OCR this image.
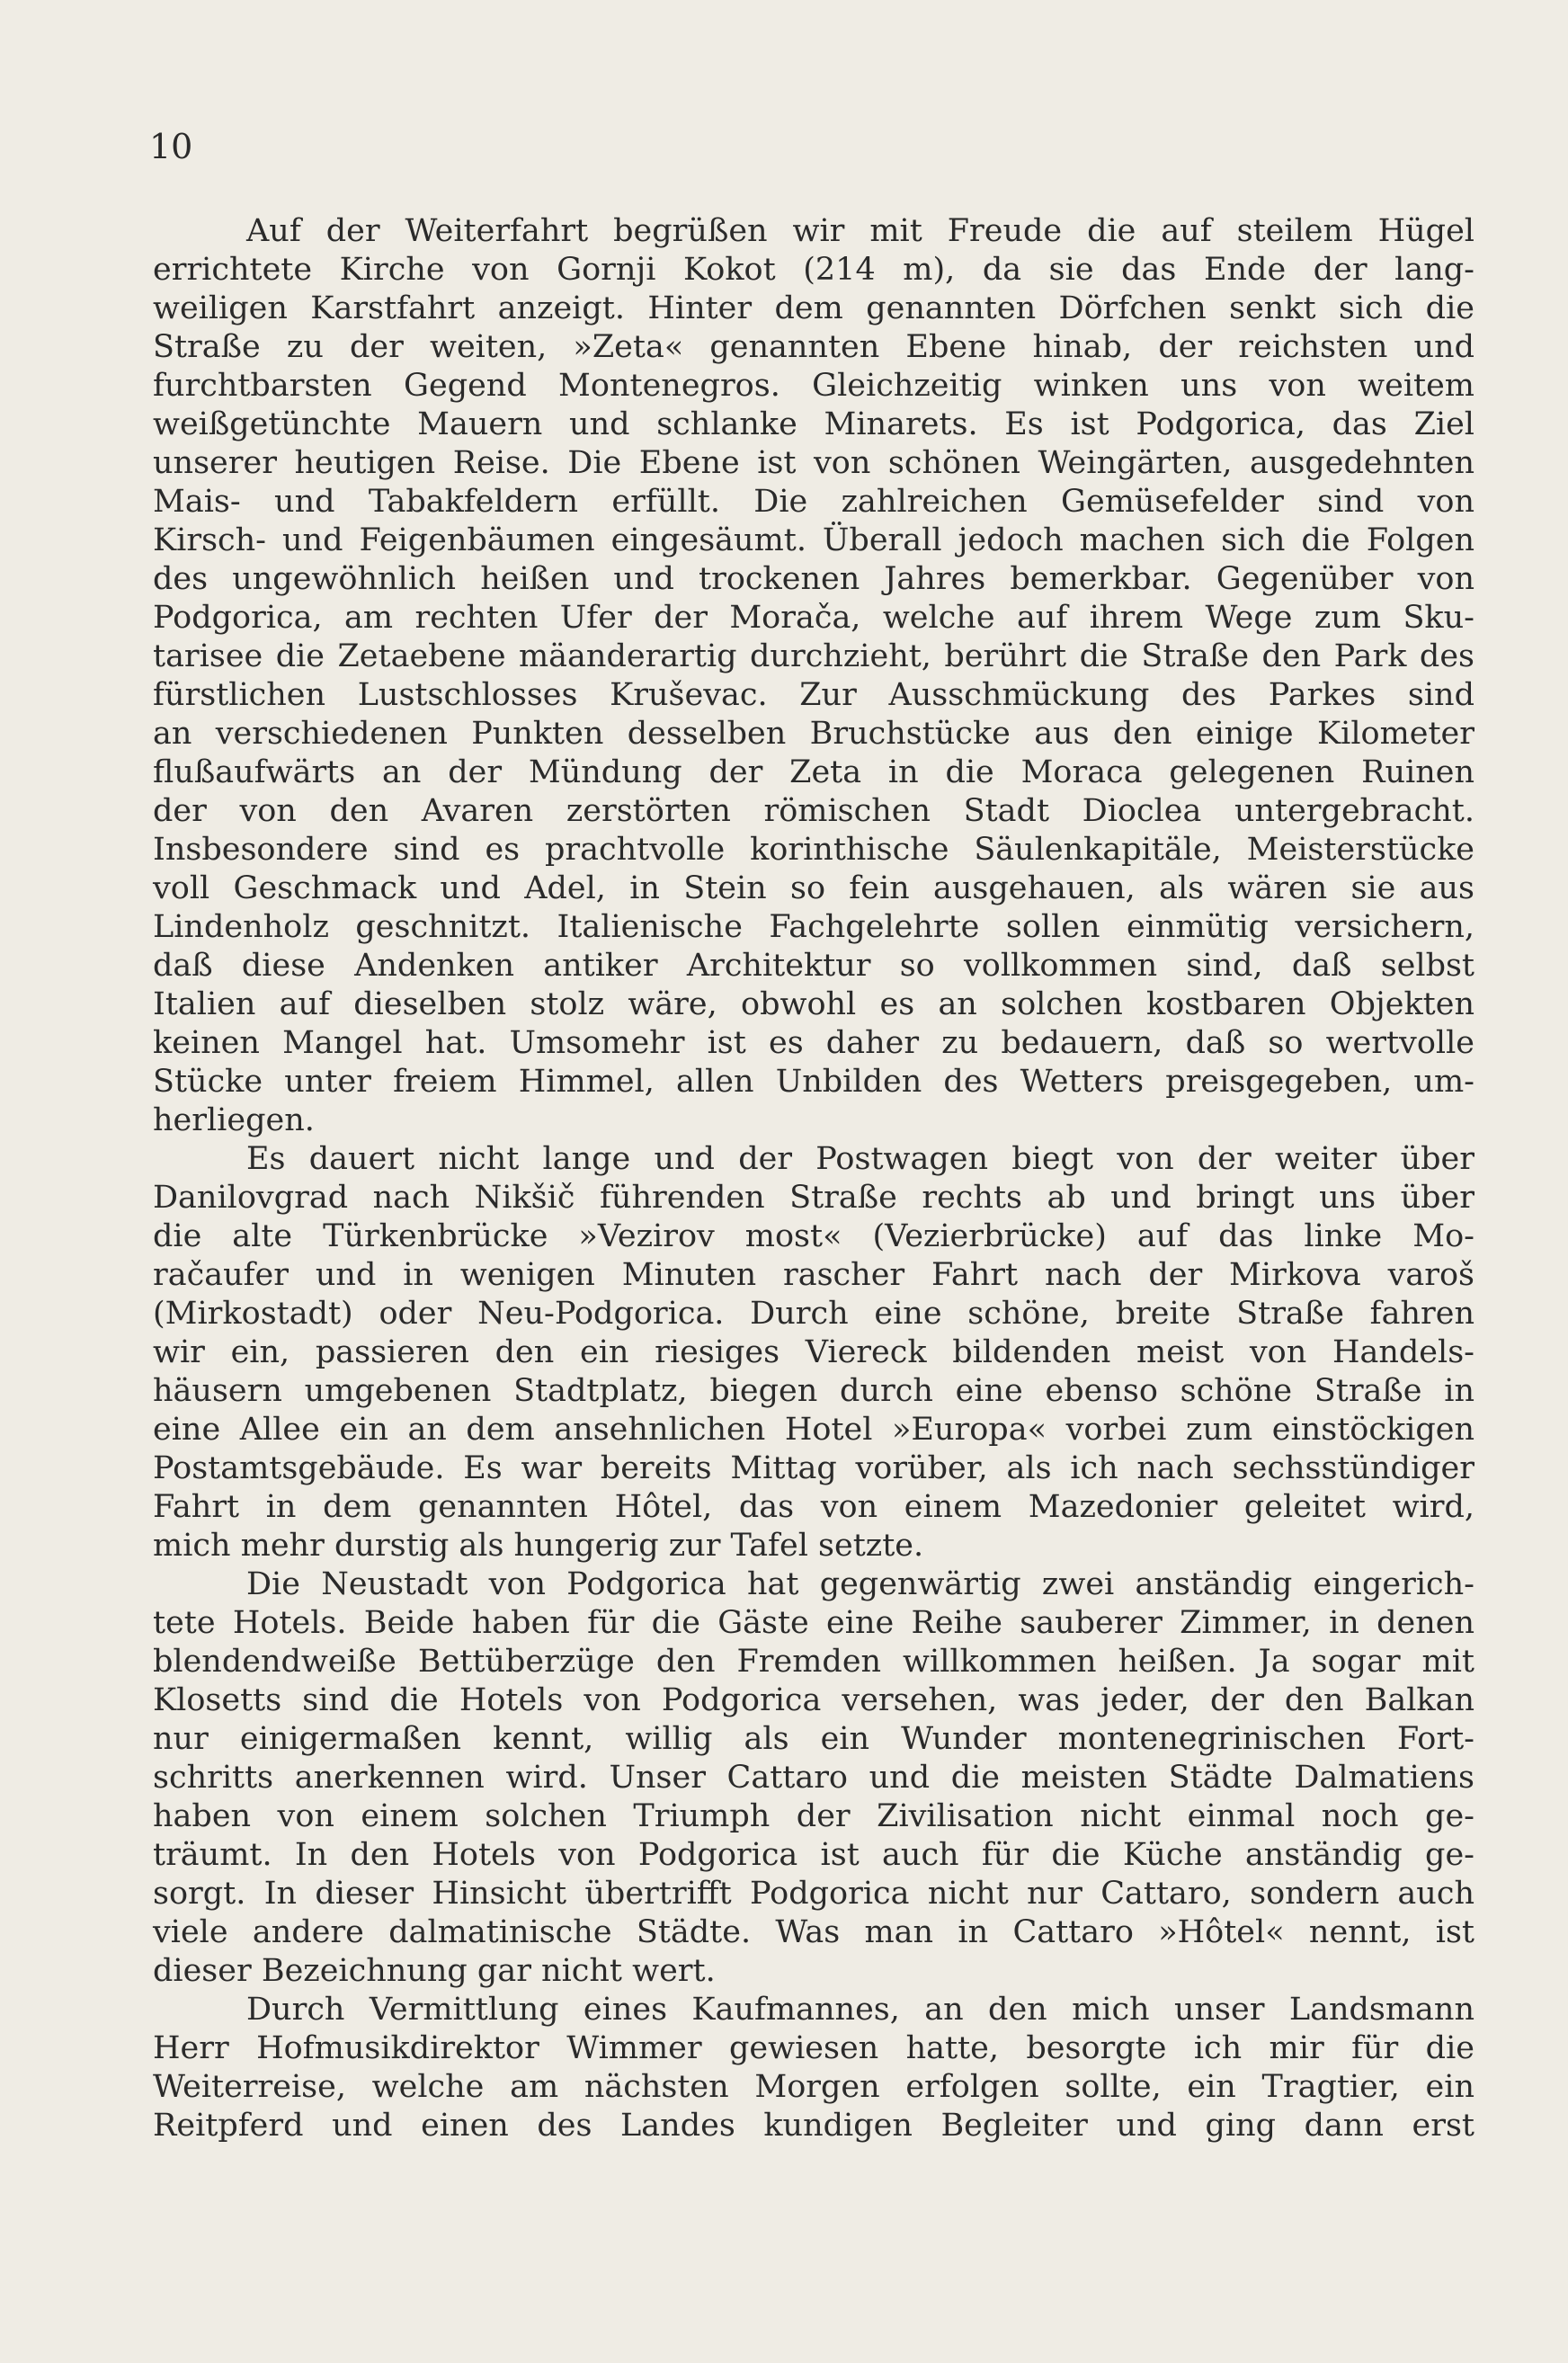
10
Auf der Weiterfahrt begrüßen wir mit Freude die auf steilem Hügel
errichtete Kirche von Gornji Kokot (214 m), da sie das Ende der lang-
weiligen Karstfahrt anzeigt. Hinter dem genannten Dörfchen senkt sich die
Straße zu der weiten, »Zeta« genannten Ebene hinab, der reichsten und
furchtbarsten Gegend Montenegros. Gleichzeitig winken uns von weitem
weißgetünchte Mauern und schlanke Minarets. Es ist Podgorica, das Ziel
unserer heutigen Reise. Die Ebene ist von schönen Weingärten, ausgedehnten
Mais- und Tabakfeldern erfüllt. Die zahlreichen Gemüsefelder sind von
Kirsch- und Feigenbäumen eingesäumt. Überall jedoch machen sich die Folgen
des ungewöhnlich heißen und trockenen Jahres bemerkbar. Gegenüber von
Podgorica, am rechten Ufer der Morača, welche auf ihrem Wege zum Sku-
tarisee die Zetaebene mäanderartig durchzieht, berührt die Straße den Park des
fürstlichen Lustschlosses Kruševac. Zur Ausschmückung des Parkes sind
an verschiedenen Punkten desselben Bruchstücke aus den einige Kilometer
flußaufwärts an der Mündung der Zeta in die Moraca gelegenen Ruinen
der von den Avaren zerstörten römischen Stadt Dioclea untergebracht.
Insbesondere sind es prachtvolle korinthische Säulenkapitäle, Meisterstücke
voll Geschmack und Adel, in Stein so fein ausgehauen, als wären sie aus
Lindenholz geschnitzt. Italienische Fachgelehrte sollen einmütig versichern,
daß diese Andenken antiker Architektur so vollkommen sind, daß selbst
Italien auf dieselben stolz wäre, obwohl es an solchen kostbaren Objekten
keinen Mangel hat. Umsomehr ist es daher zu bedauern, daß so wertvolle
Stücke unter freiem Himmel, allen Unbilden des Wetters preisgegeben, um-
herliegen.
Es dauert nicht lange und der Postwagen biegt von der weiter über
Danilovgrad nach Nikšič führenden Straße rechts ab und bringt uns über
die alte Türkenbrücke »Vezirov most« (Vezierbrücke) auf das linke Mo-
račaufer und in wenigen Minuten rascher Fahrt nach der Mirkova varoš
(Mirkostadt) oder Neu-Podgorica. Durch eine schöne, breite Straße fahren
wir ein, passieren den ein riesiges Viereck bildenden meist von Handels-
häusern umgebenen Stadtplatz, biegen durch eine ebenso schöne Straße in
eine Allee ein an dem ansehnlichen Hotel »Europa« vorbei zum einstöckigen
Postamtsgebäude. Es war bereits Mittag vorüber, als ich nach sechsstündiger
Fahrt in dem genannten Hôtel, das von einem Mazedonier geleitet wird,
mich mehr durstig als hungerig zur Tafel setzte.
Die Neustadt von Podgorica hat gegenwärtig zwei anständig eingerich-
tete Hotels. Beide haben für die Gäste eine Reihe sauberer Zimmer, in denen
blendendweiße Bettüberzüge den Fremden willkommen heißen. Ja sogar mit
Klosetts sind die Hotels von Podgorica versehen, was jeder, der den Balkan
nur einigermaßen kennt, willig als ein Wunder montenegrinischen Fort-
schritts anerkennen wird. Unser Cattaro und die meisten Städte Dalmatiens
haben von einem solchen Triumph der Zivilisation nicht einmal noch ge-
träumt. In den Hotels von Podgorica ist auch für die Küche anständig ge-
sorgt. In dieser Hinsicht übertrifft Podgorica nicht nur Cattaro, sondern auch
viele andere dalmatinische Städte. Was man in Cattaro »Hôtel« nennt, ist
dieser Bezeichnung gar nicht wert.
Durch Vermittlung eines Kaufmannes, an den mich unser Landsmann
Herr Hofmusikdirektor Wimmer gewiesen hatte, besorgte ich mir für die
Weiterreise, welche am nächsten Morgen erfolgen sollte, ein Tragtier, ein
Reitpferd und einen des Landes kundigen Begleiter und ging dann erst
